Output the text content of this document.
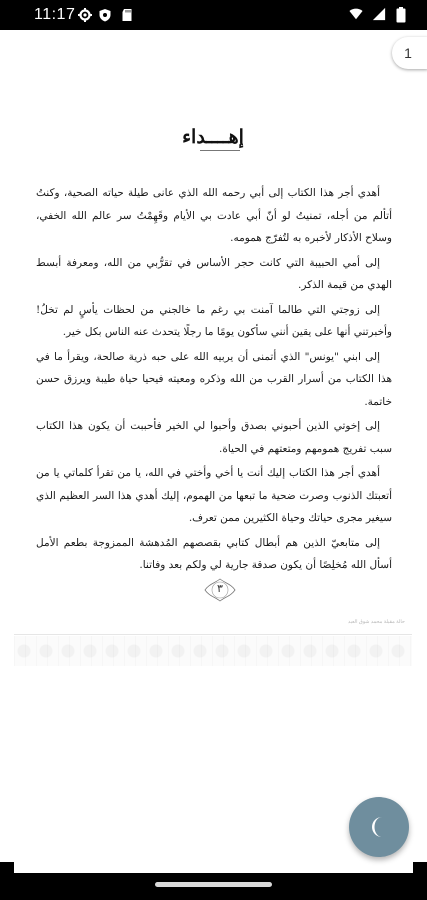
11:17
1
إهــــداء

أهدي أجر هذا الكتاب إلى أبي رحمه الله الذي عانى طيلة حياته الصحية، وكنتُ أتألم من أجله، تمنيتُ لو أنّ أبي عادت بي الأيام وقَهِمْتُ سر عالم الله الخفي، وسلاح الأذكار لأخبره به لتُفرّج همومه.

إلى أمي الحبيبة التي كانت حجر الأساس في تقرُّبي من الله، ومعرفة أبسط الهدي من قيمة الذكر.

إلى زوجتي التي طالما آمنت بي رغم ما خالجني من لحظات يأسٍ لم تخلُ! وأخبرتني أنها على يقين أنني سأكون يومًا ما رجلًا يتحدث عنه الناس بكل خير.

إلى ابني "يونس" الذي أتمنى أن يربيه الله على حبه ذرية صالحة، ويقرأ ما في هذا الكتاب من أسرار القرب من الله وذكره ومعيته فيحيا حياة طيبة ويرزق حسن خاتمة.

إلى إخوتي الذين أحبوني بصدق وأحبوا لي الخير فأحببت أن يكون هذا الكتاب سبب تفريج همومهم ومتعتهم في الحياة.

أهدي أجر هذا الكتاب إليك أنت يا أخي وأختي في الله، يا من تقرأ كلماتي يا من أتعبتك الذنوب وصرت ضحية ما تبعها من الهموم، إليك أهدي هذا السر العظيم الذي سيغير مجرى حياتك وحياة الكثيرين ممن تعرف.

إلى متابعيّ الذين هم أبطال كتابي بقصصهم المُدهشة الممزوجة بطعم الأمل أسأل الله مُخلِصًا أن يكون صدقة جارية لي ولكم بعد وفاتنا.

٣
حالة مقبلة محمد شوق العبد
